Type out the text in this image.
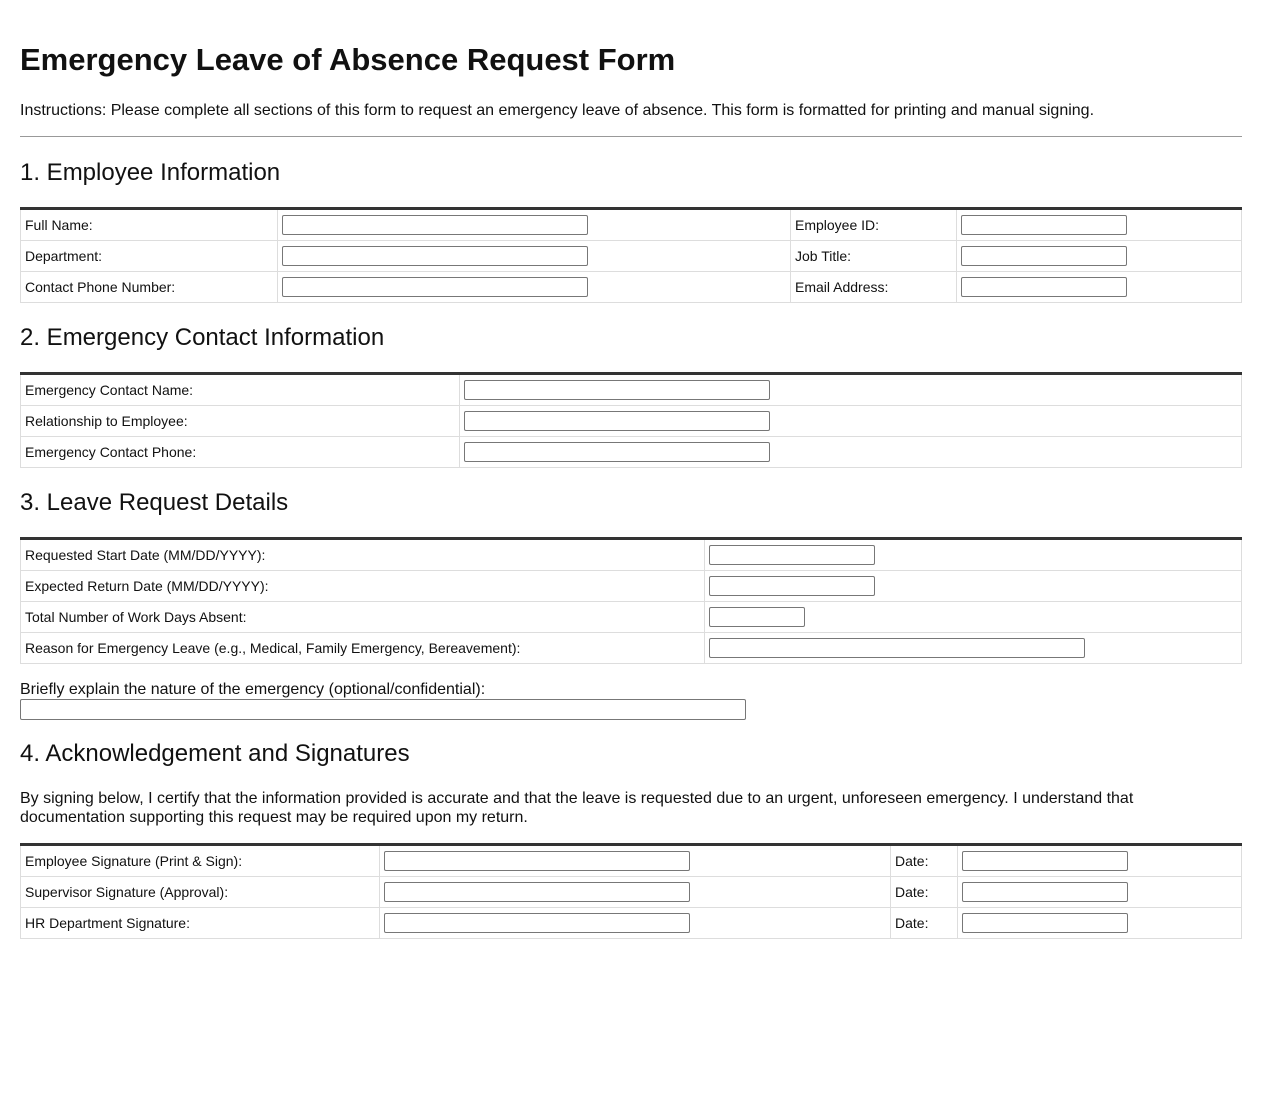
Emergency Leave of Absence Request Form

Instructions: Please complete all sections of this form to request an emergency leave of absence. This form is formatted for printing and manual signing.

1. Employee Information
Full Name:		Employee ID:	

Department:		Job Title:	

Contact Phone Number:		Email Address:	
2. Emergency Contact Information
Emergency Contact Name:	

Relationship to Employee:	

Emergency Contact Phone:	
3. Leave Request Details
Requested Start Date (MM/DD/YYYY):	

Expected Return Date (MM/DD/YYYY):	

Total Number of Work Days Absent:	

Reason for Emergency Leave (e.g., Medical, Family Emergency, Bereavement):	
Briefly explain the nature of the emergency (optional/confidential):
4. Acknowledgement and Signatures

By signing below, I certify that the information provided is accurate and that the leave is requested due to an urgent, unforeseen emergency. I understand that documentation supporting this request may be required upon my return.

Employee Signature (Print & Sign):		Date:	

Supervisor Signature (Approval):		Date:	

HR Department Signature:		Date:	
